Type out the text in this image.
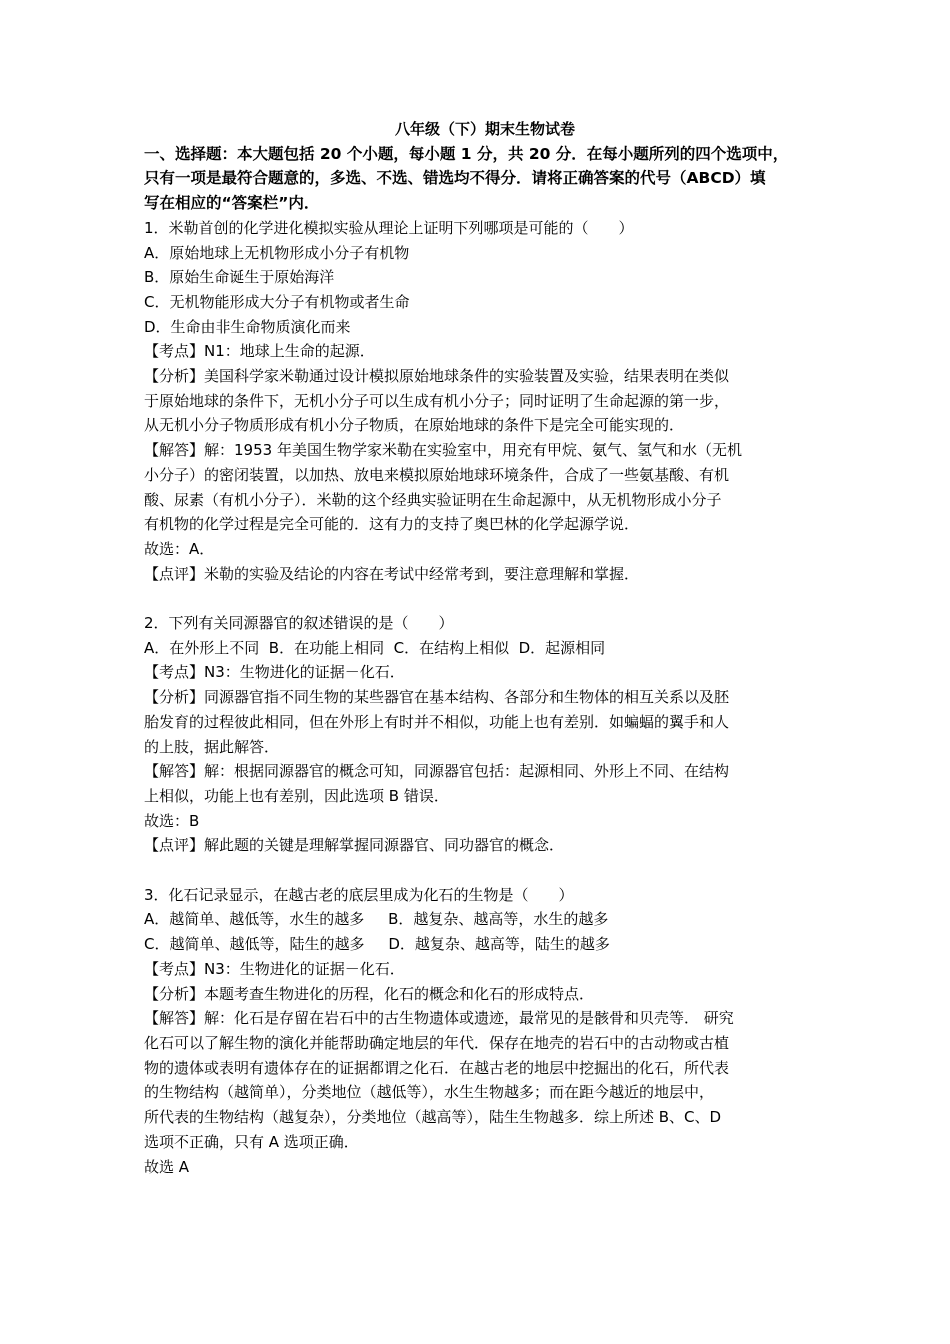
八年级（下）期末生物试卷

一、选择题：本大题包括 20 个小题，每小题 1 分，共 20 分．在每小题所列的四个选项中，

只有一项是最符合题意的，多选、不选、错选均不得分．请将正确答案的代号（ABCD）填

写在相应的“答案栏”内．

1．米勒首创的化学进化模拟实验从理论上证明下列哪项是可能的（　　）

A．原始地球上无机物形成小分子有机物

B．原始生命诞生于原始海洋

C．无机物能形成大分子有机物或者生命

D．生命由非生命物质演化而来

【考点】N1：地球上生命的起源．

【分析】美国科学家米勒通过设计模拟原始地球条件的实验装置及实验，结果表明在类似

于原始地球的条件下，无机小分子可以生成有机小分子；同时证明了生命起源的第一步，

从无机小分子物质形成有机小分子物质，在原始地球的条件下是完全可能实现的．

【解答】解：1953 年美国生物学家米勒在实验室中，用充有甲烷、氨气、氢气和水（无机

小分子）的密闭装置，以加热、放电来模拟原始地球环境条件，合成了一些氨基酸、有机

酸、尿素（有机小分子）．米勒的这个经典实验证明在生命起源中，从无机物形成小分子

有机物的化学过程是完全可能的．这有力的支持了奥巴林的化学起源学说．

故选：A．

【点评】米勒的实验及结论的内容在考试中经常考到，要注意理解和掌握．

2．下列有关同源器官的叙述错误的是（　　）

A．在外形上不同  B．在功能上相同  C．在结构上相似  D．起源相同

【考点】N3：生物进化的证据－化石．

【分析】同源器官指不同生物的某些器官在基本结构、各部分和生物体的相互关系以及胚

胎发育的过程彼此相同，但在外形上有时并不相似，功能上也有差别．如蝙蝠的翼手和人

的上肢，据此解答．

【解答】解：根据同源器官的概念可知，同源器官包括：起源相同、外形上不同、在结构

上相似，功能上也有差别，因此选项 B 错误．

故选：B

【点评】解此题的关键是理解掌握同源器官、同功器官的概念．

3．化石记录显示，在越古老的底层里成为化石的生物是（　　）

A．越简单、越低等，水生的越多     B．越复杂、越高等，水生的越多

C．越简单、越低等，陆生的越多     D．越复杂、越高等，陆生的越多

【考点】N3：生物进化的证据－化石．

【分析】本题考查生物进化的历程，化石的概念和化石的形成特点．

【解答】解：化石是存留在岩石中的古生物遗体或遗迹，最常见的是骸骨和贝壳等． 研究

化石可以了解生物的演化并能帮助确定地层的年代．保存在地壳的岩石中的古动物或古植

物的遗体或表明有遗体存在的证据都谓之化石．在越古老的地层中挖掘出的化石，所代表

的生物结构（越简单），分类地位（越低等），水生生物越多；而在距今越近的地层中，

所代表的生物结构（越复杂），分类地位（越高等），陆生生物越多．综上所述 B、C、D

选项不正确，只有 A 选项正确．

故选 A
